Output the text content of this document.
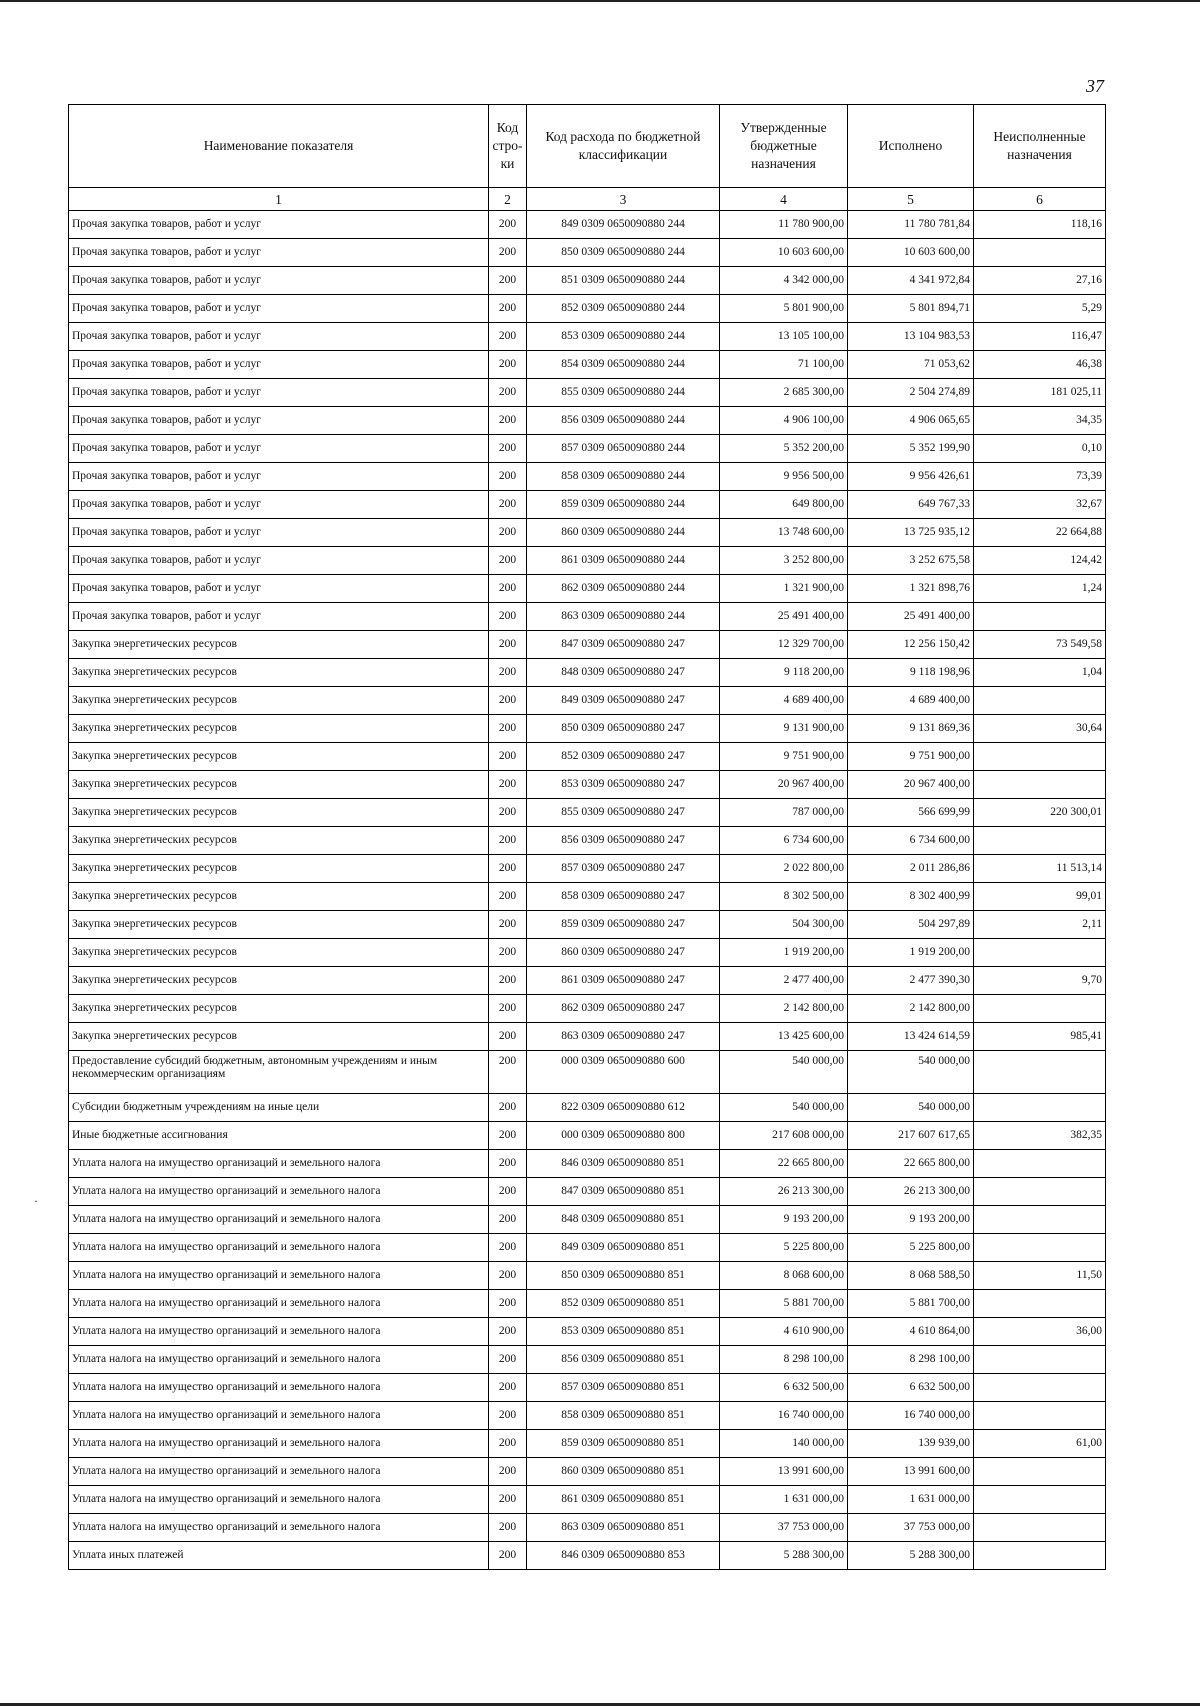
37
Наименование показателя	Код стро- ки	Код расхода по бюджетной классификации	Утвержденные бюджетные назначения	Исполнено	Неисполненные назначения
1	2	3	4	5	6
Прочая закупка товаров, работ и услуг	200	849 0309 0650090880 244	11 780 900,00	11 780 781,84	118,16
Прочая закупка товаров, работ и услуг	200	850 0309 0650090880 244	10 603 600,00	10 603 600,00	
Прочая закупка товаров, работ и услуг	200	851 0309 0650090880 244	4 342 000,00	4 341 972,84	27,16
Прочая закупка товаров, работ и услуг	200	852 0309 0650090880 244	5 801 900,00	5 801 894,71	5,29
Прочая закупка товаров, работ и услуг	200	853 0309 0650090880 244	13 105 100,00	13 104 983,53	116,47
Прочая закупка товаров, работ и услуг	200	854 0309 0650090880 244	71 100,00	71 053,62	46,38
Прочая закупка товаров, работ и услуг	200	855 0309 0650090880 244	2 685 300,00	2 504 274,89	181 025,11
Прочая закупка товаров, работ и услуг	200	856 0309 0650090880 244	4 906 100,00	4 906 065,65	34,35
Прочая закупка товаров, работ и услуг	200	857 0309 0650090880 244	5 352 200,00	5 352 199,90	0,10
Прочая закупка товаров, работ и услуг	200	858 0309 0650090880 244	9 956 500,00	9 956 426,61	73,39
Прочая закупка товаров, работ и услуг	200	859 0309 0650090880 244	649 800,00	649 767,33	32,67
Прочая закупка товаров, работ и услуг	200	860 0309 0650090880 244	13 748 600,00	13 725 935,12	22 664,88
Прочая закупка товаров, работ и услуг	200	861 0309 0650090880 244	3 252 800,00	3 252 675,58	124,42
Прочая закупка товаров, работ и услуг	200	862 0309 0650090880 244	1 321 900,00	1 321 898,76	1,24
Прочая закупка товаров, работ и услуг	200	863 0309 0650090880 244	25 491 400,00	25 491 400,00	
Закупка энергетических ресурсов	200	847 0309 0650090880 247	12 329 700,00	12 256 150,42	73 549,58
Закупка энергетических ресурсов	200	848 0309 0650090880 247	9 118 200,00	9 118 198,96	1,04
Закупка энергетических ресурсов	200	849 0309 0650090880 247	4 689 400,00	4 689 400,00	
Закупка энергетических ресурсов	200	850 0309 0650090880 247	9 131 900,00	9 131 869,36	30,64
Закупка энергетических ресурсов	200	852 0309 0650090880 247	9 751 900,00	9 751 900,00	
Закупка энергетических ресурсов	200	853 0309 0650090880 247	20 967 400,00	20 967 400,00	
Закупка энергетических ресурсов	200	855 0309 0650090880 247	787 000,00	566 699,99	220 300,01
Закупка энергетических ресурсов	200	856 0309 0650090880 247	6 734 600,00	6 734 600,00	
Закупка энергетических ресурсов	200	857 0309 0650090880 247	2 022 800,00	2 011 286,86	11 513,14
Закупка энергетических ресурсов	200	858 0309 0650090880 247	8 302 500,00	8 302 400,99	99,01
Закупка энергетических ресурсов	200	859 0309 0650090880 247	504 300,00	504 297,89	2,11
Закупка энергетических ресурсов	200	860 0309 0650090880 247	1 919 200,00	1 919 200,00	
Закупка энергетических ресурсов	200	861 0309 0650090880 247	2 477 400,00	2 477 390,30	9,70
Закупка энергетических ресурсов	200	862 0309 0650090880 247	2 142 800,00	2 142 800,00	
Закупка энергетических ресурсов	200	863 0309 0650090880 247	13 425 600,00	13 424 614,59	985,41
Предоставление субсидий бюджетным, автономным учреждениям и иным некоммерческим организациям	200	000 0309 0650090880 600	540 000,00	540 000,00	
Субсидии бюджетным учреждениям на иные цели	200	822 0309 0650090880 612	540 000,00	540 000,00	
Иные бюджетные ассигнования	200	000 0309 0650090880 800	217 608 000,00	217 607 617,65	382,35
Уплата налога на имущество организаций и земельного налога	200	846 0309 0650090880 851	22 665 800,00	22 665 800,00	
Уплата налога на имущество организаций и земельного налога	200	847 0309 0650090880 851	26 213 300,00	26 213 300,00	
Уплата налога на имущество организаций и земельного налога	200	848 0309 0650090880 851	9 193 200,00	9 193 200,00	
Уплата налога на имущество организаций и земельного налога	200	849 0309 0650090880 851	5 225 800,00	5 225 800,00	
Уплата налога на имущество организаций и земельного налога	200	850 0309 0650090880 851	8 068 600,00	8 068 588,50	11,50
Уплата налога на имущество организаций и земельного налога	200	852 0309 0650090880 851	5 881 700,00	5 881 700,00	
Уплата налога на имущество организаций и земельного налога	200	853 0309 0650090880 851	4 610 900,00	4 610 864,00	36,00
Уплата налога на имущество организаций и земельного налога	200	856 0309 0650090880 851	8 298 100,00	8 298 100,00	
Уплата налога на имущество организаций и земельного налога	200	857 0309 0650090880 851	6 632 500,00	6 632 500,00	
Уплата налога на имущество организаций и земельного налога	200	858 0309 0650090880 851	16 740 000,00	16 740 000,00	
Уплата налога на имущество организаций и земельного налога	200	859 0309 0650090880 851	140 000,00	139 939,00	61,00
Уплата налога на имущество организаций и земельного налога	200	860 0309 0650090880 851	13 991 600,00	13 991 600,00	
Уплата налога на имущество организаций и земельного налога	200	861 0309 0650090880 851	1 631 000,00	1 631 000,00	
Уплата налога на имущество организаций и земельного налога	200	863 0309 0650090880 851	37 753 000,00	37 753 000,00	
Уплата иных платежей	200	846 0309 0650090880 853	5 288 300,00	5 288 300,00	
·
